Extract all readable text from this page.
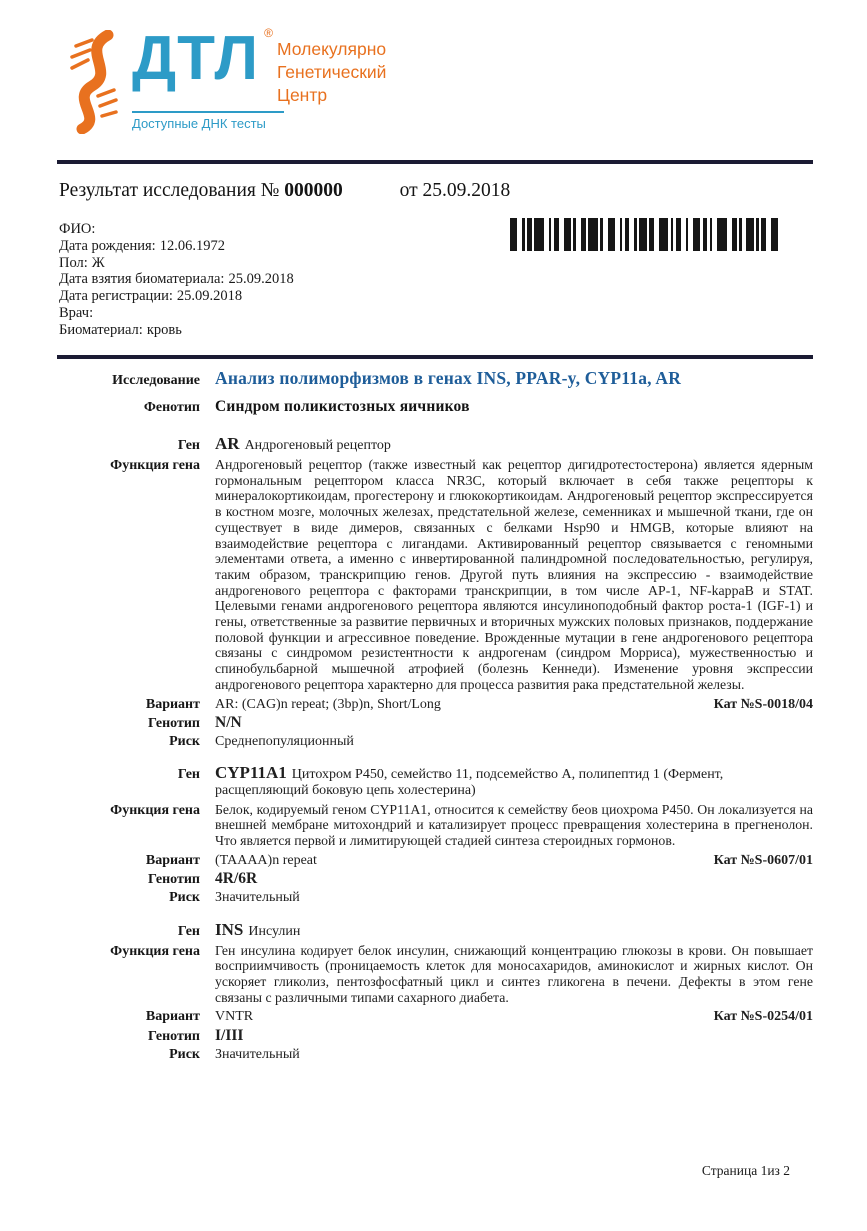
ДТЛ ®
Молекулярно
Генетический
Центр
Доступные ДНК тесты
Результат исследования № 000000	от 25.09.2018
ФИО:
Дата рождения: 12.06.1972
Пол: Ж
Дата взятия биоматериала: 25.09.2018
Дата регистрации: 25.09.2018
Врач:
Биоматериал: кровь
Исследование Анализ полиморфизмов в генах INS, PPAR-y, CYP11a, AR
Фенотип Синдром поликистозных яичников
Ген AR Андрогеновый рецептор
Функция гена Андрогеновый рецептор (также известный как рецептор дигидротестостерона) является ядерным гормональным рецептором класса NR3C, который включает в себя также рецепторы к минералокортикоидам, прогестерону и глюкокортикоидам. Андрогеновый рецептор экспрессируется в костном мозге, молочных железах, предстательной железе, семенниках и мышечной ткани, где он существует в виде димеров, связанных с белками Hsp90 и HMGB, которые влияют на взаимодействие рецептора с лигандами. Активированный рецептор связывается с геномными элементами ответа, а именно с инвертированной палиндромной последовательностью, регулируя, таким образом, транскрипцию генов. Другой путь влияния на экспрессию - взаимодействие андрогенового рецептора с факторами транскрипции, в том числе AP-1, NF-kappaB и STAT. Целевыми генами андрогенового рецептора являются инсулиноподобный фактор роста-1 (IGF-1) и гены, ответственные за развитие первичных и вторичных мужских половых признаков, поддержание половой функции и агрессивное поведение. Врожденные мутации в гене андрогенового рецептора связаны с синдромом резистентности к андрогенам (синдром Морриса), мужественностью и спинобульбарной мышечной атрофией (болезнь Кеннеди). Изменение уровня экспрессии андрогенового рецептора характерно для процесса развития рака предстательной железы.
Вариант AR: (CAG)n repeat; (3bp)n, Short/Long	Кат №S-0018/04
Генотип N/N
Риск Среднепопуляционный
Ген CYP11A1 Цитохром P450, семейство 11, подсемейство A, полипептид 1 (Фермент, расщепляющий боковую цепь холестерина)
Функция гена Белок, кодируемый геном CYP11A1, относится к семейству беов циохрома P450. Он локализуется на внешней мембране митохондрий и катализирует процесс превращения холестерина в прегненолон. Что является первой и лимитирующей стадией синтеза стероидных гормонов.
Вариант (TAAAA)n repeat	Кат №S-0607/01
Генотип 4R/6R
Риск Значительный
Ген INS Инсулин
Функция гена Ген инсулина кодирует белок инсулин, снижающий концентрацию глюкозы в крови. Он повышает восприимчивость (проницаемость клеток для моносахаридов, аминокислот и жирных кислот. Он ускоряет гликолиз, пентозфосфатный цикл и синтез гликогена в печени. Дефекты в этом гене связаны с различными типами сахарного диабета.
Вариант VNTR	Кат №S-0254/01
Генотип I/III
Риск Значительный
Страница 1из 2
